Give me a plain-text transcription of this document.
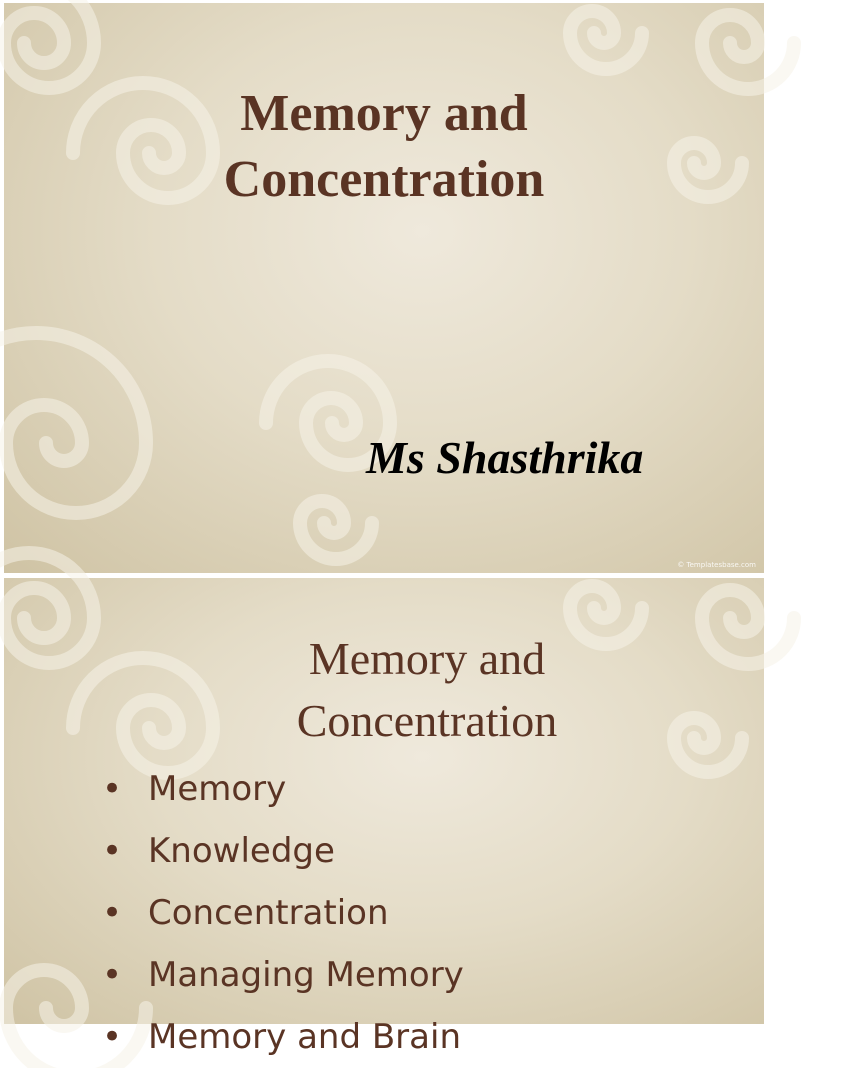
Memory and
Concentration
Ms Shasthrika
© Templatesbase.com
Memory and
Concentration
• Memory
• Knowledge
• Concentration
• Managing Memory
• Memory and Brain
